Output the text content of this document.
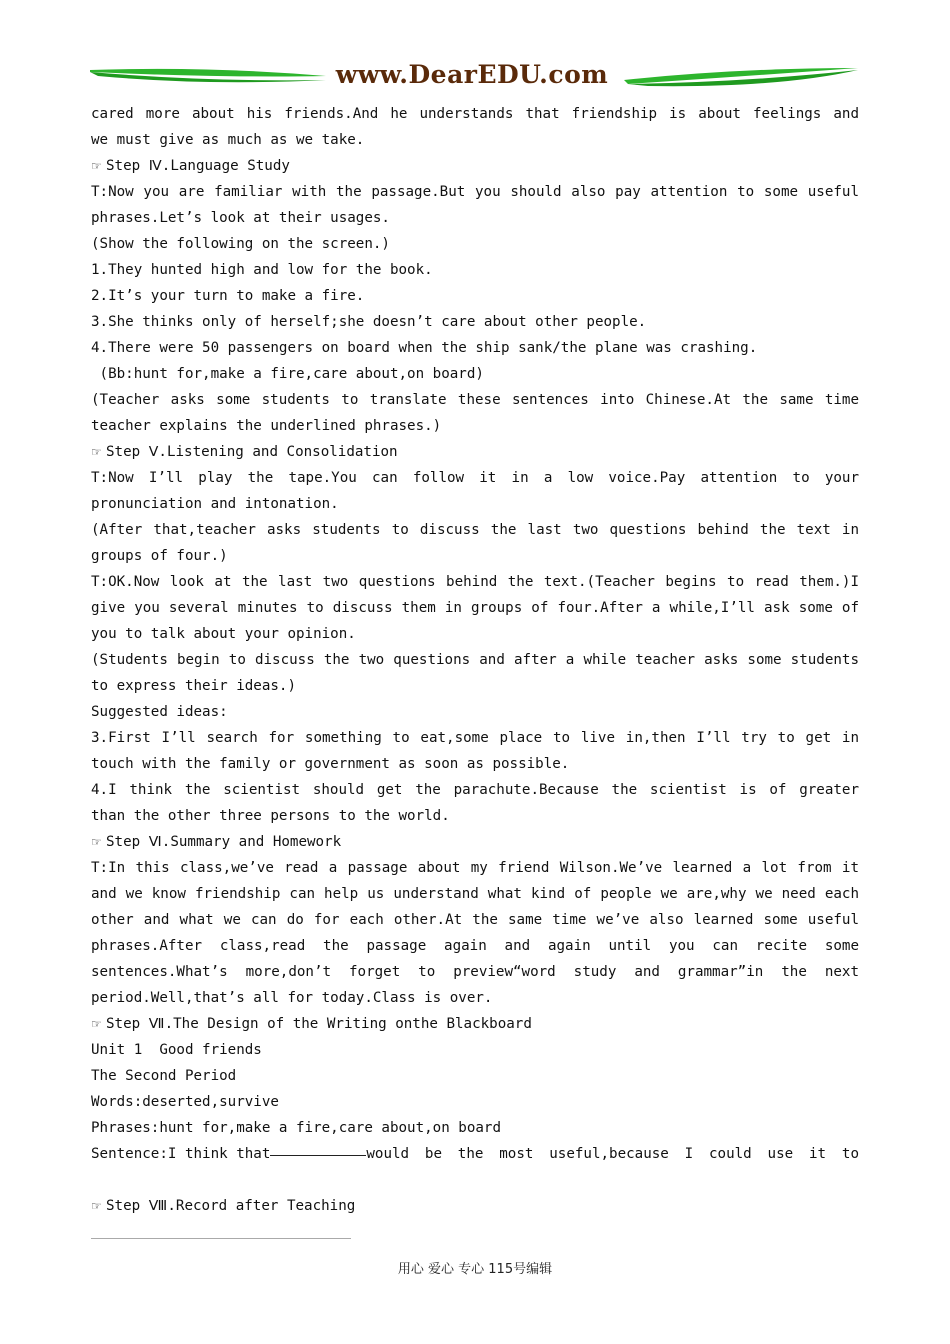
www.DearEDU.com
cared more about his friends.And he understands that friendship is about feelings and
we must give as much as we take.
☞ Step Ⅳ.Language Study
T:Now you are familiar with the passage.But you should also pay attention to some useful
phrases.Let’s look at their usages.
(Show the following on the screen.)
1.They hunted high and low for the book.
2.It’s your turn to make a fire.
3.She thinks only of herself;she doesn’t care about other people.
4.There were 50 passengers on board when the ship sank/the plane was crashing.
(Bb:hunt for,make a fire,care about,on board)
(Teacher asks some students to translate these sentences into Chinese.At the same time
teacher explains the underlined phrases.)
☞ Step Ⅴ.Listening and Consolidation
T:Now I’ll play the tape.You can follow it in a low voice.Pay attention to your
pronunciation and intonation.
(After that,teacher asks students to discuss the last two questions behind the text in
groups of four.)
T:OK.Now look at the last two questions behind the text.(Teacher begins to read them.)I
give you several minutes to discuss them in groups of four.After a while,I’ll ask some of
you to talk about your opinion.
(Students begin to discuss the two questions and after a while teacher asks some students
to express their ideas.)
Suggested ideas:
3.First I’ll search for something to eat,some place to live in,then I’ll try to get in
touch with the family or government as soon as possible.
4.I think the scientist should get the parachute.Because the scientist is of greater
than the other three persons to the world.
☞ Step Ⅵ.Summary and Homework
T:In this class,we’ve read a passage about my friend Wilson.We’ve learned a lot from it
and we know friendship can help us understand what kind of people we are,why we need each
other and what we can do for each other.At the same time we’ve also learned some useful
phrases.After class,read the passage again and again until you can recite some
sentences.What’s more,don’t forget to preview“word study and grammar”in the next
period.Well,that’s all for today.Class is over.
☞ Step Ⅶ.The Design of the Writing onthe Blackboard
Unit 1  Good friends
The Second Period
Words:deserted,survive
Phrases:hunt for,make a fire,care about,on board
Sentence:I think that	would be the most useful,because I could use it to

☞ Step Ⅷ.Record after Teaching
用心 爱心 专心 115号编辑
